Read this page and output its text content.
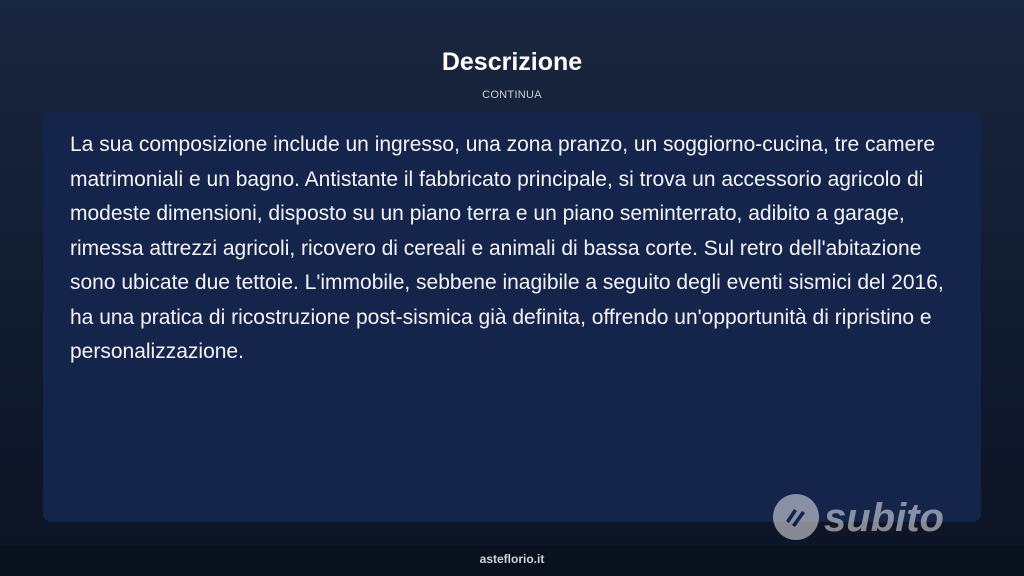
Descrizione
CONTINUA

La sua composizione include un ingresso, una zona pranzo, un soggiorno-cucina, tre camere matrimoniali e un bagno. Antistante il fabbricato principale, si trova un accessorio agricolo di modeste dimensioni, disposto su un piano terra e un piano seminterrato, adibito a garage, rimessa attrezzi agricoli, ricovero di cereali e animali di bassa corte. Sul retro dell'abitazione sono ubicate due tettoie. L'immobile, sebbene inagibile a seguito degli eventi sismici del 2016, ha una pratica di ricostruzione post-sismica già definita, offrendo un'opportunità di ripristino e personalizzazione.

asteflorio.it
subito
